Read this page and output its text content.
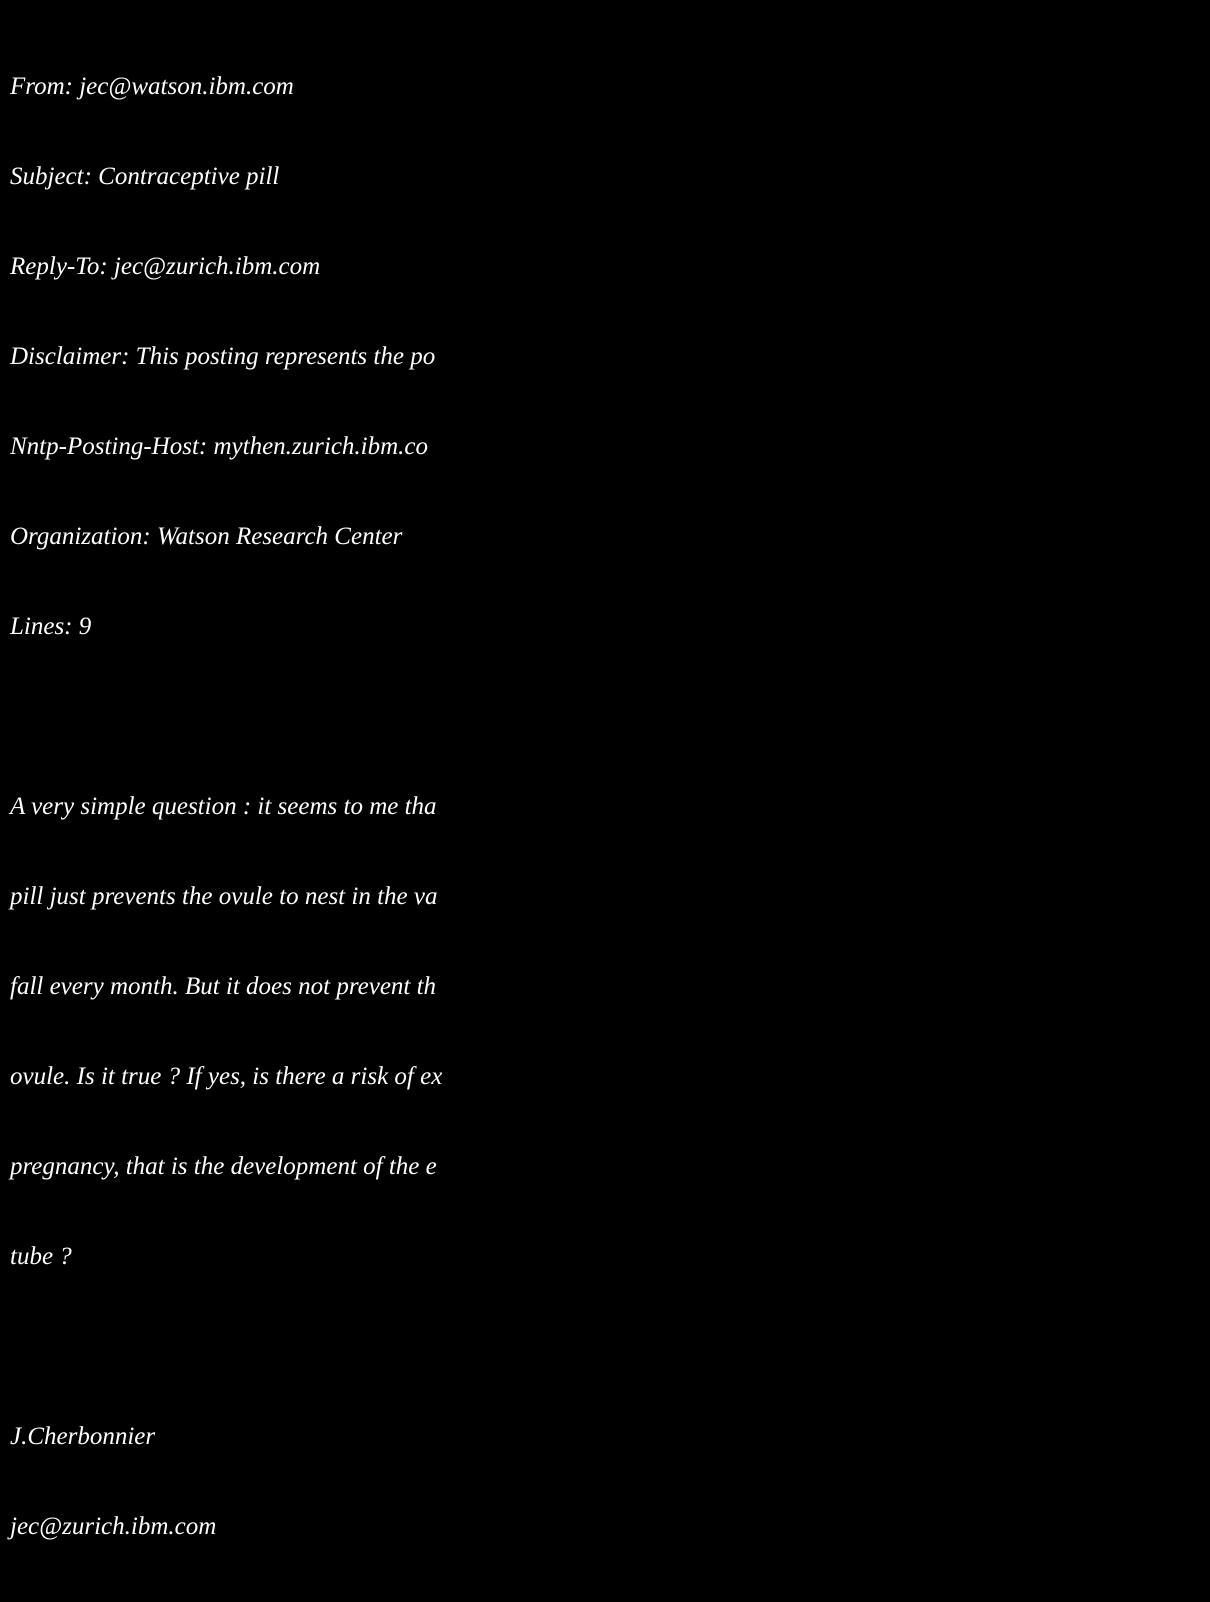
From: jec@watson.ibm.com

Subject: Contraceptive pill

Reply-To: jec@zurich.ibm.com

Disclaimer: This posting represents the po

Nntp-Posting-Host: mythen.zurich.ibm.co

Organization: Watson Research Center

Lines: 9

A very simple question : it seems to me tha

pill just prevents the ovule to nest in the va

fall every month. But it does not prevent th

ovule. Is it true ? If yes, is there a risk of ex

pregnancy, that is the development of the e

tube ?

J.Cherbonnier

jec@zurich.ibm.com
